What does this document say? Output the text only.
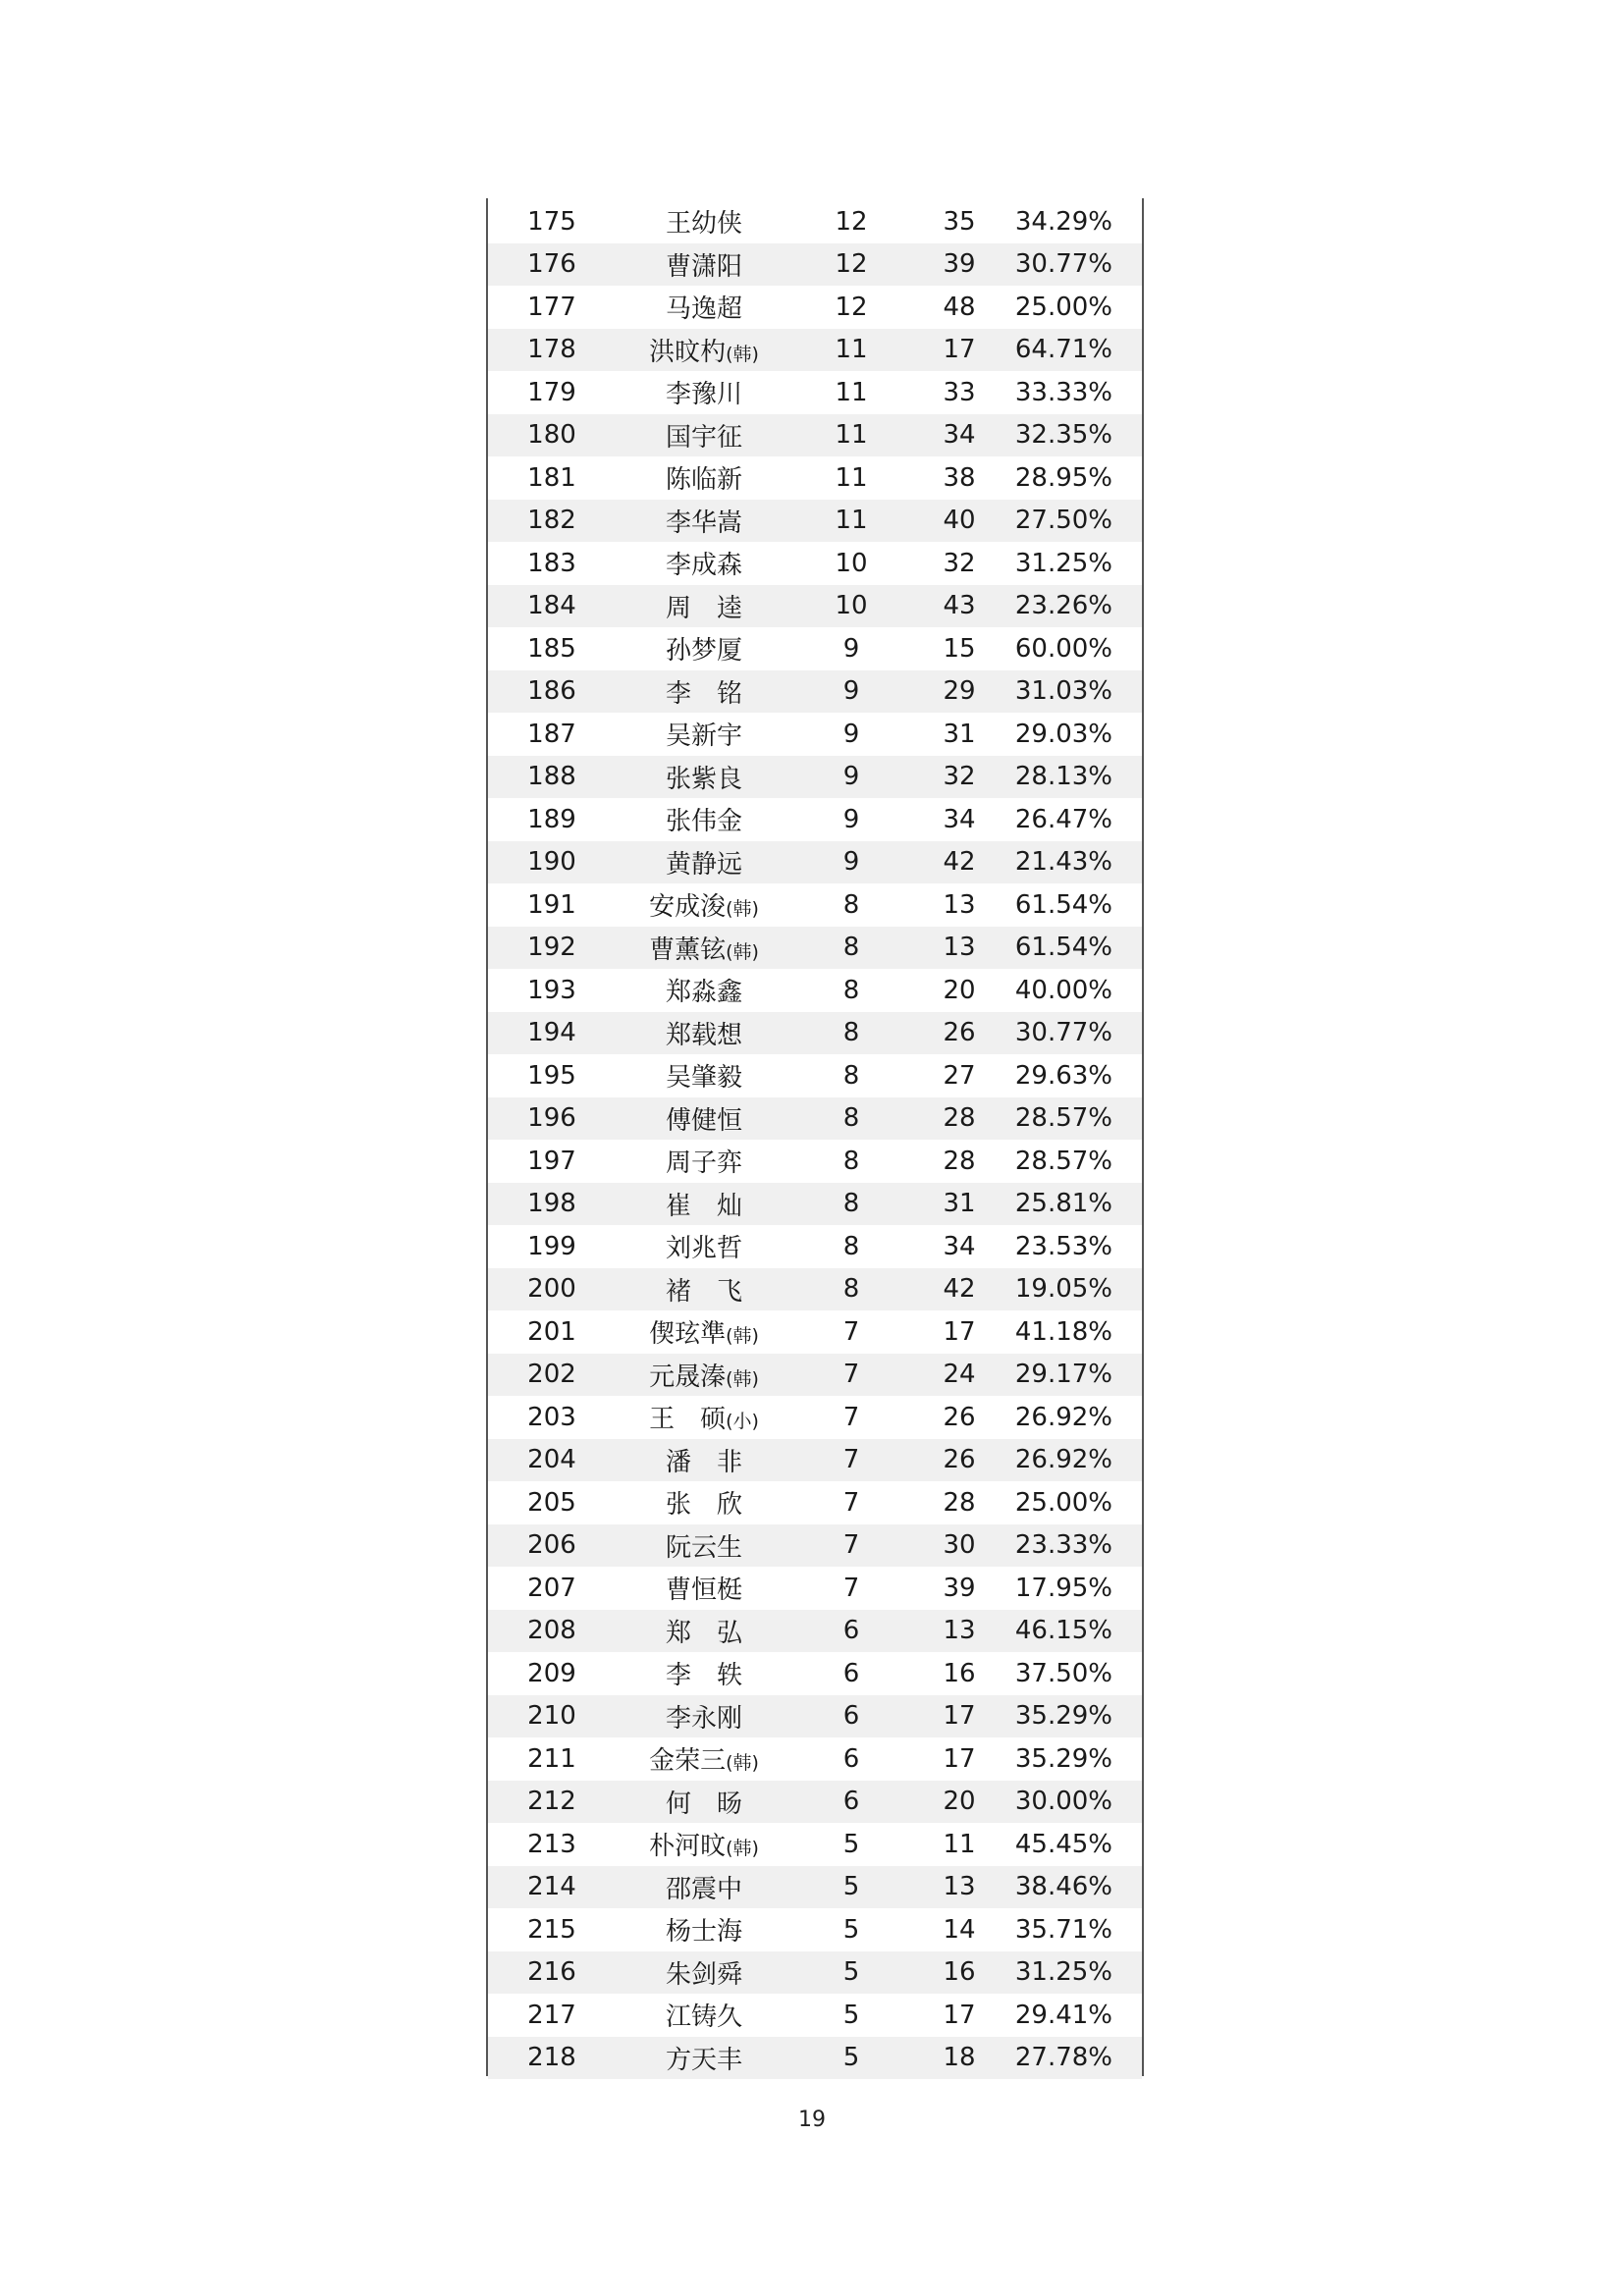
175	王幼侠	12	35	34.29%
176	曹潇阳	12	39	30.77%
177	马逸超	12	48	25.00%
178	洪旼杓(韩)	11	17	64.71%
179	李豫川	11	33	33.33%
180	国宇征	11	34	32.35%
181	陈临新	11	38	28.95%
182	李华嵩	11	40	27.50%
183	李成森	10	32	31.25%
184	周　逵	10	43	23.26%
185	孙梦厦	9	15	60.00%
186	李　铭	9	29	31.03%
187	吴新宇	9	31	29.03%
188	张紫良	9	32	28.13%
189	张伟金	9	34	26.47%
190	黄静远	9	42	21.43%
191	安成浚(韩)	8	13	61.54%
192	曹薰铉(韩)	8	13	61.54%
193	郑淼鑫	8	20	40.00%
194	郑载想	8	26	30.77%
195	吴肇毅	8	27	29.63%
196	傅健恒	8	28	28.57%
197	周子弈	8	28	28.57%
198	崔　灿	8	31	25.81%
199	刘兆哲	8	34	23.53%
200	褚　飞	8	42	19.05%
201	偰玹準(韩)	7	17	41.18%
202	元晟溱(韩)	7	24	29.17%
203	王　硕(小)	7	26	26.92%
204	潘　非	7	26	26.92%
205	张　欣	7	28	25.00%
206	阮云生	7	30	23.33%
207	曹恒梃	7	39	17.95%
208	郑　弘	6	13	46.15%
209	李　轶	6	16	37.50%
210	李永刚	6	17	35.29%
211	金荣三(韩)	6	17	35.29%
212	何　旸	6	20	30.00%
213	朴河旼(韩)	5	11	45.45%
214	邵震中	5	13	38.46%
215	杨士海	5	14	35.71%
216	朱剑舜	5	16	31.25%
217	江铸久	5	17	29.41%
218	方天丰	5	18	27.78%
19
